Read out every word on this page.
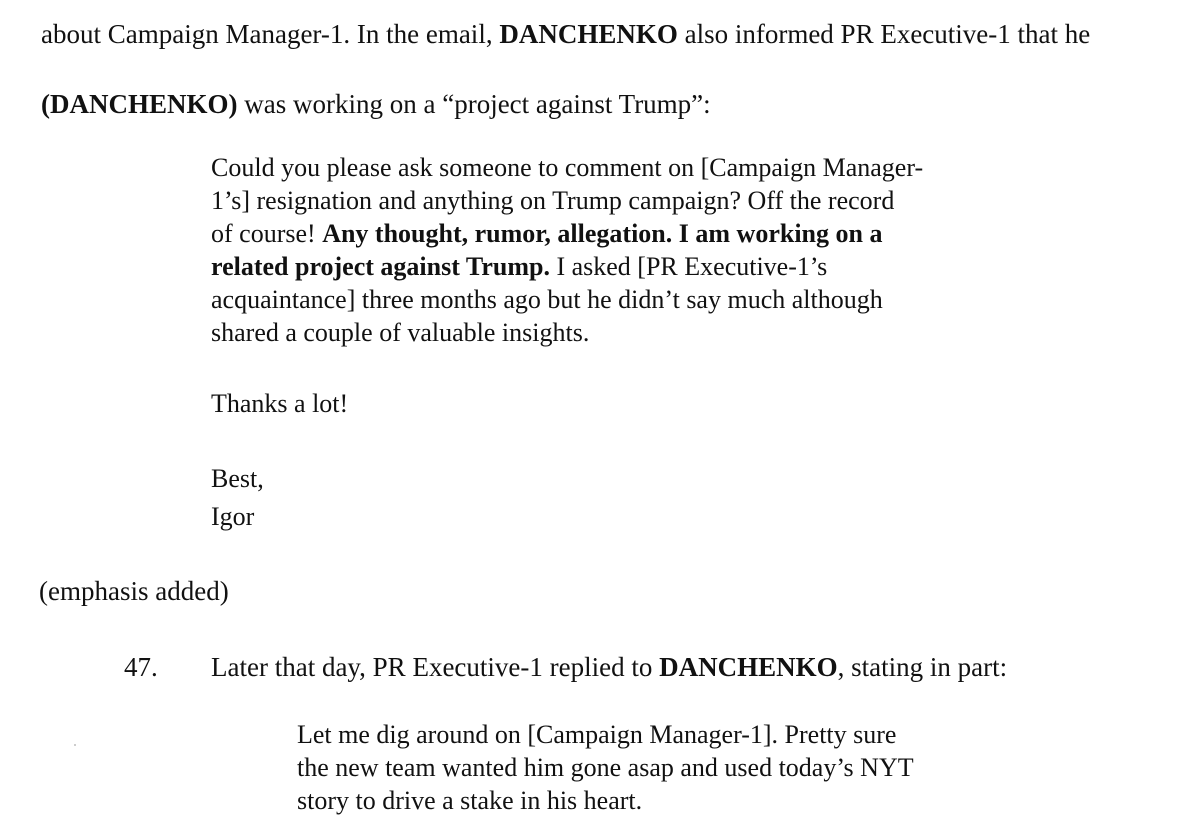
about Campaign Manager-1. In the email, DANCHENKO also informed PR Executive-1 that he
(DANCHENKO) was working on a “project against Trump”:
Could you please ask someone to comment on [Campaign Manager-
1’s] resignation and anything on Trump campaign? Off the record
of course! Any thought, rumor, allegation. I am working on a
related project against Trump. I asked [PR Executive-1’s
acquaintance] three months ago but he didn’t say much although
shared a couple of valuable insights.
Thanks a lot!
Best,
Igor
(emphasis added)
47. Later that day, PR Executive-1 replied to DANCHENKO, stating in part:
Let me dig around on [Campaign Manager-1]. Pretty sure
the new team wanted him gone asap and used today’s NYT
story to drive a stake in his heart.
